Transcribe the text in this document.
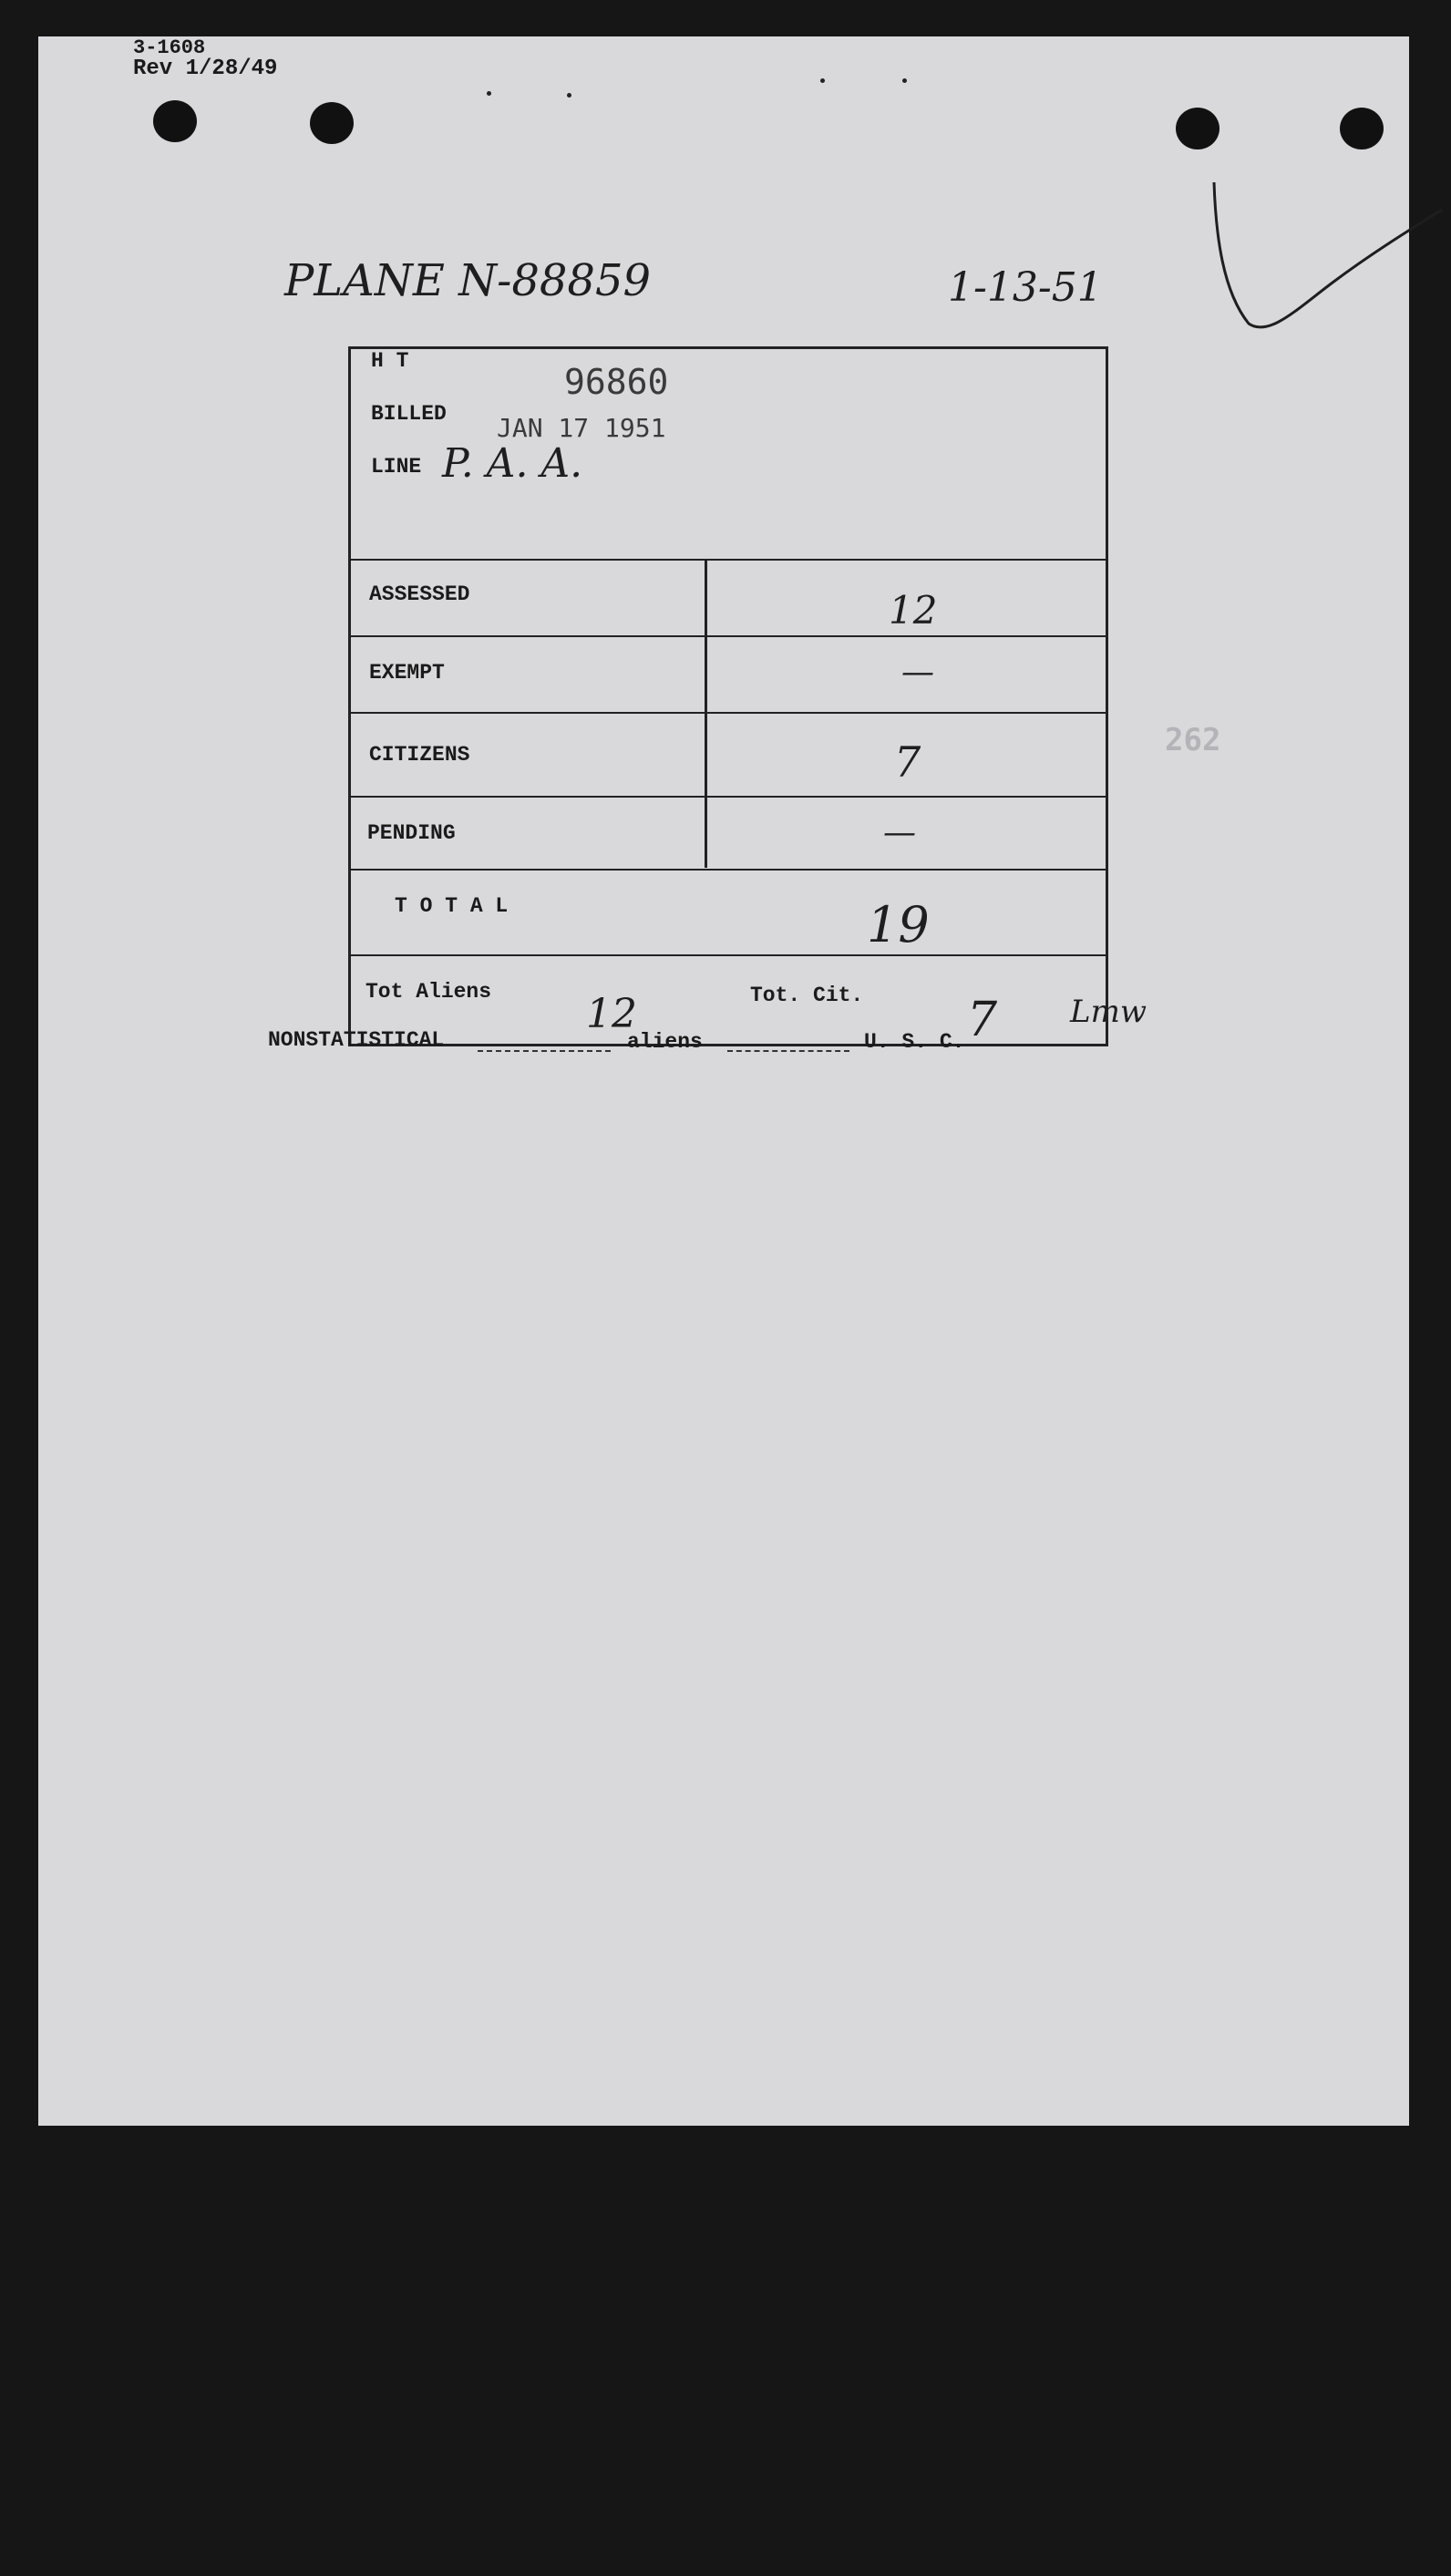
3-1608
Rev 1/28/49
PLANE N-88859	1-13-51
H T
96860
BILLED JAN 17 1951
LINE P. A. A.
ASSESSED	12
EXEMPT	—
CITIZENS	7
PENDING	—
T O T A L	19
Tot Aliens 12	Tot. Cit. 7 Lmw
NONSTATISTICAL	aliens	U. S. C.
262
